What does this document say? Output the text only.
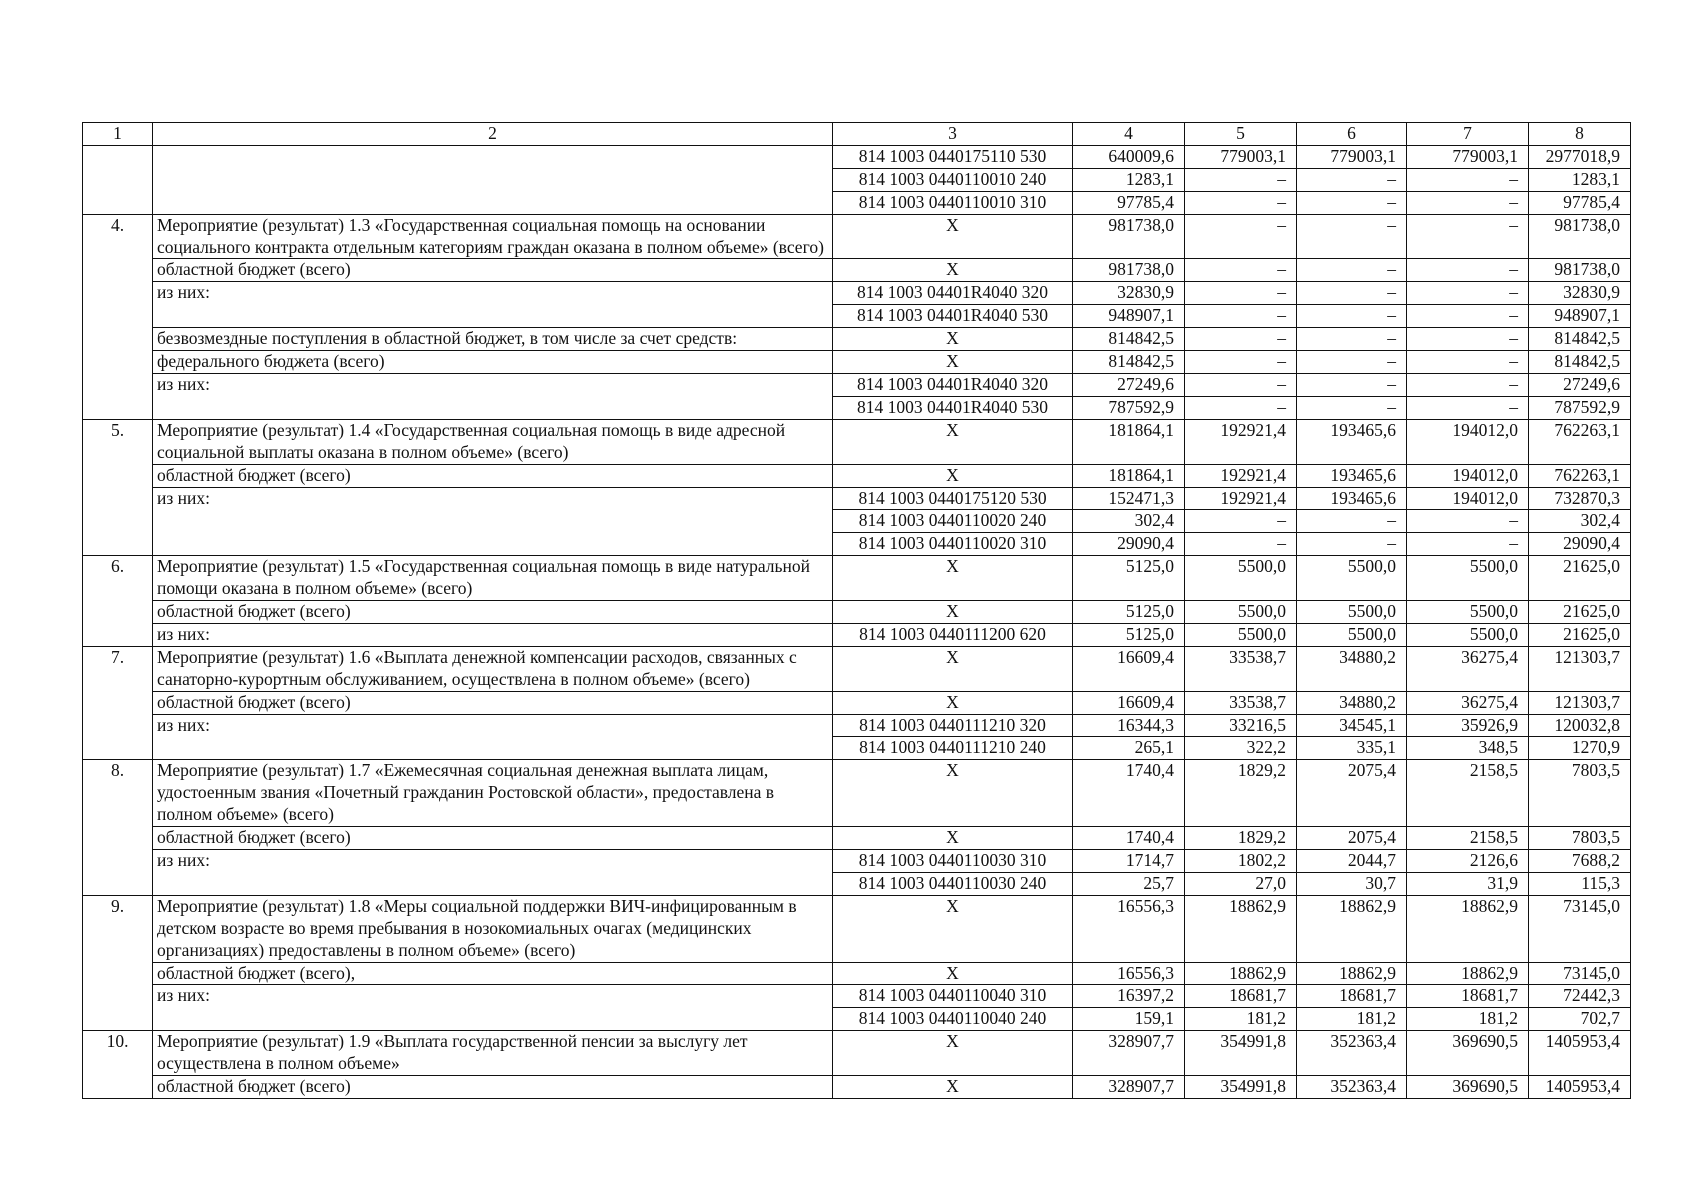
1	2	3	4	5	6	7	8
		814 1003 0440175110 530	640009,6	779003,1	779003,1	779003,1	2977018,9
		814 1003 0440110010 240	1283,1	–	–	–	1283,1
		814 1003 0440110010 310	97785,4	–	–	–	97785,4
4.	Мероприятие (результат) 1.3 «Государственная социальная помощь на основании социального контракта отдельным категориям граждан оказана в полном объеме» (всего)	X	981738,0	–	–	–	981738,0
	областной бюджет (всего)	X	981738,0	–	–	–	981738,0
	из них:	814 1003 04401R4040 320	32830,9	–	–	–	32830,9
		814 1003 04401R4040 530	948907,1	–	–	–	948907,1
	безвозмездные поступления в областной бюджет, в том числе за счет средств:	X	814842,5	–	–	–	814842,5
	федерального бюджета (всего)	X	814842,5	–	–	–	814842,5
	из них:	814 1003 04401R4040 320	27249,6	–	–	–	27249,6
		814 1003 04401R4040 530	787592,9	–	–	–	787592,9
5.	Мероприятие (результат) 1.4 «Государственная социальная помощь в виде адресной социальной выплаты оказана в полном объеме» (всего)	X	181864,1	192921,4	193465,6	194012,0	762263,1
	областной бюджет (всего)	X	181864,1	192921,4	193465,6	194012,0	762263,1
	из них:	814 1003 0440175120 530	152471,3	192921,4	193465,6	194012,0	732870,3
		814 1003 0440110020 240	302,4	–	–	–	302,4
		814 1003 0440110020 310	29090,4	–	–	–	29090,4
6.	Мероприятие (результат) 1.5 «Государственная социальная помощь в виде натуральной помощи оказана в полном объеме» (всего)	X	5125,0	5500,0	5500,0	5500,0	21625,0
	областной бюджет (всего)	X	5125,0	5500,0	5500,0	5500,0	21625,0
	из них:	814 1003 0440111200 620	5125,0	5500,0	5500,0	5500,0	21625,0
7.	Мероприятие (результат) 1.6 «Выплата денежной компенсации расходов, связанных с санаторно-курортным обслуживанием, осуществлена в полном объеме» (всего)	X	16609,4	33538,7	34880,2	36275,4	121303,7
	областной бюджет (всего)	X	16609,4	33538,7	34880,2	36275,4	121303,7
	из них:	814 1003 0440111210 320	16344,3	33216,5	34545,1	35926,9	120032,8
		814 1003 0440111210 240	265,1	322,2	335,1	348,5	1270,9
8.	Мероприятие (результат) 1.7 «Ежемесячная социальная денежная выплата лицам, удостоенным звания «Почетный гражданин Ростовской области», предоставлена в полном объеме» (всего)	X	1740,4	1829,2	2075,4	2158,5	7803,5
	областной бюджет (всего)	X	1740,4	1829,2	2075,4	2158,5	7803,5
	из них:	814 1003 0440110030 310	1714,7	1802,2	2044,7	2126,6	7688,2
		814 1003 0440110030 240	25,7	27,0	30,7	31,9	115,3
9.	Мероприятие (результат) 1.8 «Меры социальной поддержки ВИЧ-инфицированным в детском возрасте во время пребывания в нозокомиальных очагах (медицинских организациях) предоставлены в полном объеме» (всего)	X	16556,3	18862,9	18862,9	18862,9	73145,0
	областной бюджет (всего),	X	16556,3	18862,9	18862,9	18862,9	73145,0
	из них:	814 1003 0440110040 310	16397,2	18681,7	18681,7	18681,7	72442,3
		814 1003 0440110040 240	159,1	181,2	181,2	181,2	702,7
10.	Мероприятие (результат) 1.9 «Выплата государственной пенсии за выслугу лет осуществлена в полном объеме»	X	328907,7	354991,8	352363,4	369690,5	1405953,4
	областной бюджет (всего)	X	328907,7	354991,8	352363,4	369690,5	1405953,4
